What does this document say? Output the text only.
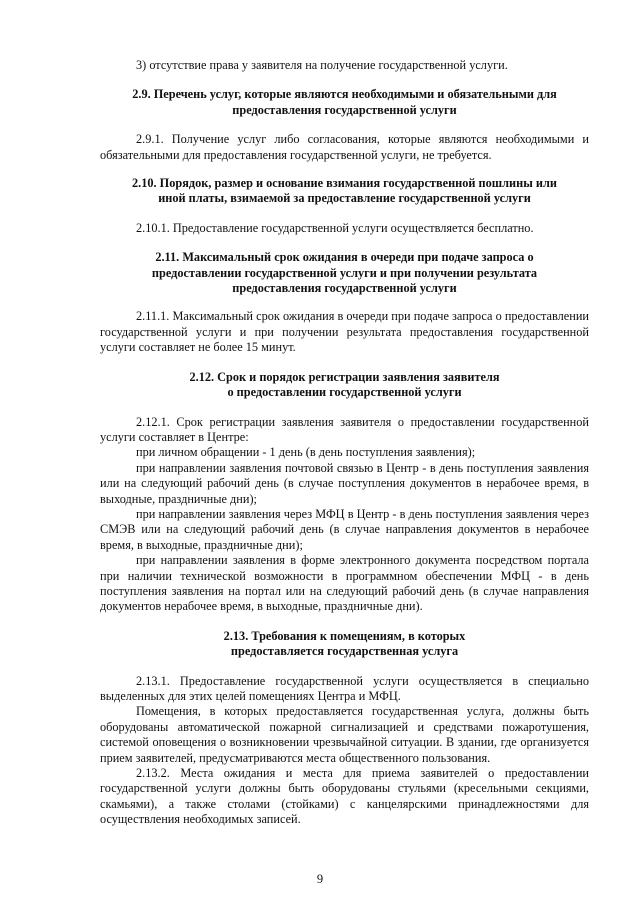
3) отсутствие права у заявителя на получение государственной услуги.

2.9. Перечень услуг, которые являются необходимыми и обязательными для
предоставления государственной услуги

2.9.1. Получение услуг либо согласования, которые являются необходимыми и обязательными для предоставления государственной услуги, не требуется.

2.10. Порядок, размер и основание взимания государственной пошлины или
иной платы, взимаемой за предоставление государственной услуги

2.10.1. Предоставление государственной услуги осуществляется бесплатно.

2.11. Максимальный срок ожидания в очереди при подаче запроса о
предоставлении государственной услуги и при получении результата
предоставления государственной услуги

2.11.1. Максимальный срок ожидания в очереди при подаче запроса о предоставлении государственной услуги и при получении результата предоставления государственной услуги составляет не более 15 минут.

2.12. Срок и порядок регистрации заявления заявителя
о предоставлении государственной услуги

2.12.1. Срок регистрации заявления заявителя о предоставлении государственной услуги составляет в Центре:

при личном обращении - 1 день (в день поступления заявления);

при направлении заявления почтовой связью в Центр - в день поступления заявления или на следующий рабочий день (в случае поступления документов в нерабочее время, в выходные, праздничные дни);

при направлении заявления через МФЦ в Центр - в день поступления заявления через СМЭВ или на следующий рабочий день (в случае направления документов в нерабочее время, в выходные, праздничные дни);

при направлении заявления в форме электронного документа посредством портала при наличии технической возможности в программном обеспечении МФЦ - в день поступления заявления на портал или на следующий рабочий день (в случае направления документов нерабочее время, в выходные, праздничные дни).

2.13. Требования к помещениям, в которых
предоставляется государственная услуга

2.13.1. Предоставление государственной услуги осуществляется в специально выделенных для этих целей помещениях Центра и МФЦ.

Помещения, в которых предоставляется государственная услуга, должны быть оборудованы автоматической пожарной сигнализацией и средствами пожаротушения, системой оповещения о возникновении чрезвычайной ситуации. В здании, где организуется прием заявителей, предусматриваются места общественного пользования.

2.13.2. Места ожидания и места для приема заявителей о предоставлении государственной услуги должны быть оборудованы стульями (кресельными секциями, скамьями), а также столами (стойками) с канцелярскими принадлежностями для осуществления необходимых записей.

9
